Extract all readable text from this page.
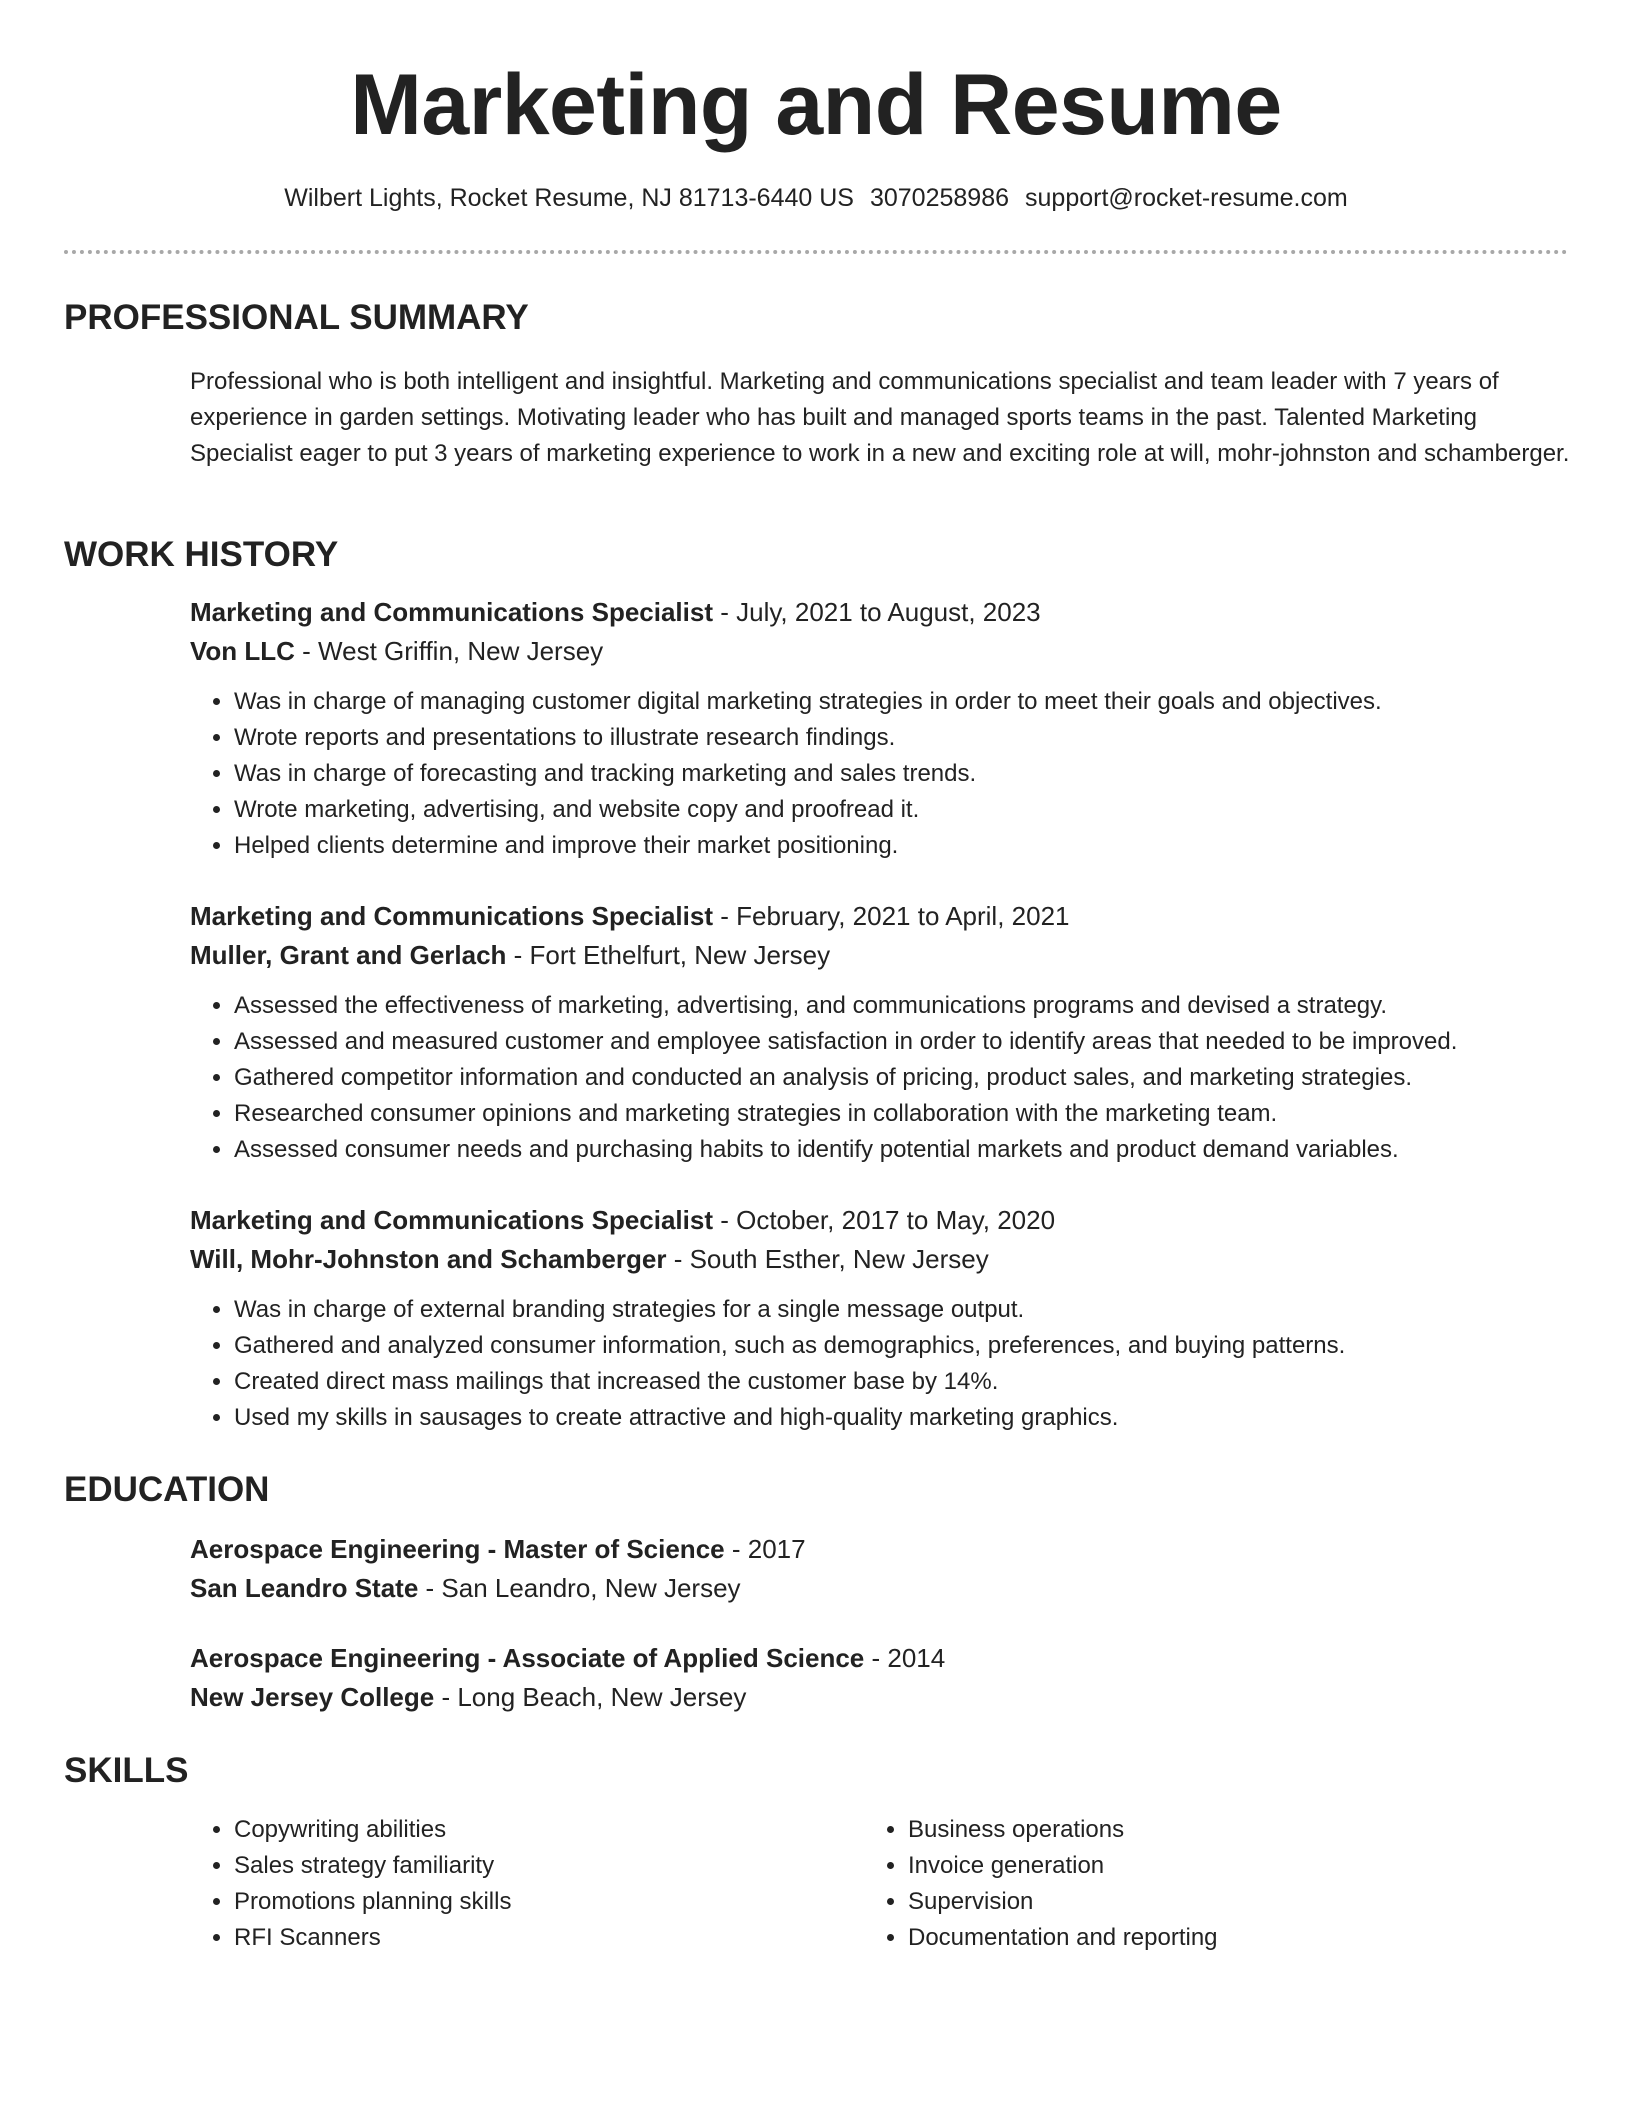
Marketing and Resume
Wilbert Lights, Rocket Resume, NJ 81713-6440 US 3070258986 support@rocket-resume.com
PROFESSIONAL SUMMARY

Professional who is both intelligent and insightful. Marketing and communications specialist and team leader with 7 years of experience in garden settings. Motivating leader who has built and managed sports teams in the past. Talented Marketing Specialist eager to put 3 years of marketing experience to work in a new and exciting role at will, mohr-johnston and schamberger.

WORK HISTORY
Marketing and Communications Specialist - July, 2021 to August, 2023
Von LLC - West Griffin, New Jersey
• Was in charge of managing customer digital marketing strategies in order to meet their goals and objectives.
• Wrote reports and presentations to illustrate research findings.
• Was in charge of forecasting and tracking marketing and sales trends.
• Wrote marketing, advertising, and website copy and proofread it.
• Helped clients determine and improve their market positioning.
Marketing and Communications Specialist - February, 2021 to April, 2021
Muller, Grant and Gerlach - Fort Ethelfurt, New Jersey
• Assessed the effectiveness of marketing, advertising, and communications programs and devised a strategy.
• Assessed and measured customer and employee satisfaction in order to identify areas that needed to be improved.
• Gathered competitor information and conducted an analysis of pricing, product sales, and marketing strategies.
• Researched consumer opinions and marketing strategies in collaboration with the marketing team.
• Assessed consumer needs and purchasing habits to identify potential markets and product demand variables.
Marketing and Communications Specialist - October, 2017 to May, 2020
Will, Mohr-Johnston and Schamberger - South Esther, New Jersey
• Was in charge of external branding strategies for a single message output.
• Gathered and analyzed consumer information, such as demographics, preferences, and buying patterns.
• Created direct mass mailings that increased the customer base by 14%.
• Used my skills in sausages to create attractive and high-quality marketing graphics.
EDUCATION
Aerospace Engineering - Master of Science - 2017
San Leandro State - San Leandro, New Jersey
Aerospace Engineering - Associate of Applied Science - 2014
New Jersey College - Long Beach, New Jersey
SKILLS
• Copywriting abilities
• Sales strategy familiarity
• Promotions planning skills
• RFI Scanners
• Business operations
• Invoice generation
• Supervision
• Documentation and reporting
